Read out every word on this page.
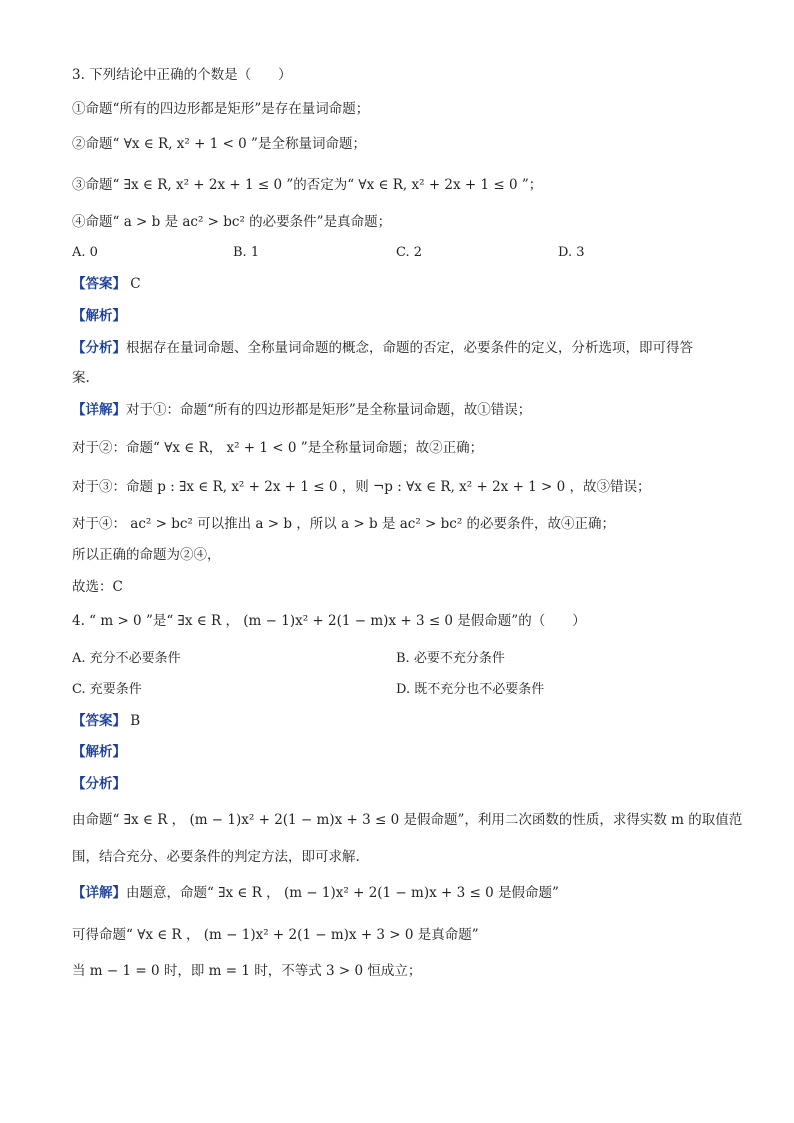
3. 下列结论中正确的个数是（　　）
①命题“所有的四边形都是矩形”是存在量词命题；
②命题“ ∀x ∈ R, x² + 1 < 0 ”是全称量词命题；
③命题“ ∃x ∈ R, x² + 2x + 1 ≤ 0 ”的否定为“ ∀x ∈ R, x² + 2x + 1 ≤ 0 ”；
④命题“ a > b 是 ac² > bc² 的必要条件”是真命题；
A. 0	B. 1	C. 2	D. 3
【答案】 C
【解析】
【分析】根据存在量词命题、全称量词命题的概念，命题的否定，必要条件的定义，分析选项，即可得答
案.
【详解】对于①：命题“所有的四边形都是矩形”是全称量词命题，故①错误；
对于②：命题“ ∀x ∈ R， x² + 1 < 0 ”是全称量词命题；故②正确；
对于③：命题 p : ∃x ∈ R, x² + 2x + 1 ≤ 0 ，则 ¬p : ∀x ∈ R, x² + 2x + 1 > 0 ，故③错误；
对于④： ac² > bc² 可以推出 a > b ，所以 a > b 是 ac² > bc² 的必要条件，故④正确；
所以正确的命题为②④，
故选：C
4. “ m > 0 ”是“ ∃x ∈ R ， (m − 1)x² + 2(1 − m)x + 3 ≤ 0 是假命题”的（　　）
A. 充分不必要条件	B. 必要不充分条件
C. 充要条件	D. 既不充分也不必要条件
【答案】 B
【解析】
【分析】
由命题“ ∃x ∈ R ， (m − 1)x² + 2(1 − m)x + 3 ≤ 0 是假命题”，利用二次函数的性质，求得实数 m 的取值范
围，结合充分、必要条件的判定方法，即可求解.
【详解】由题意，命题“ ∃x ∈ R ， (m − 1)x² + 2(1 − m)x + 3 ≤ 0 是假命题”
可得命题“ ∀x ∈ R ， (m − 1)x² + 2(1 − m)x + 3 > 0 是真命题”
当 m − 1 = 0 时，即 m = 1 时，不等式 3 > 0 恒成立；
